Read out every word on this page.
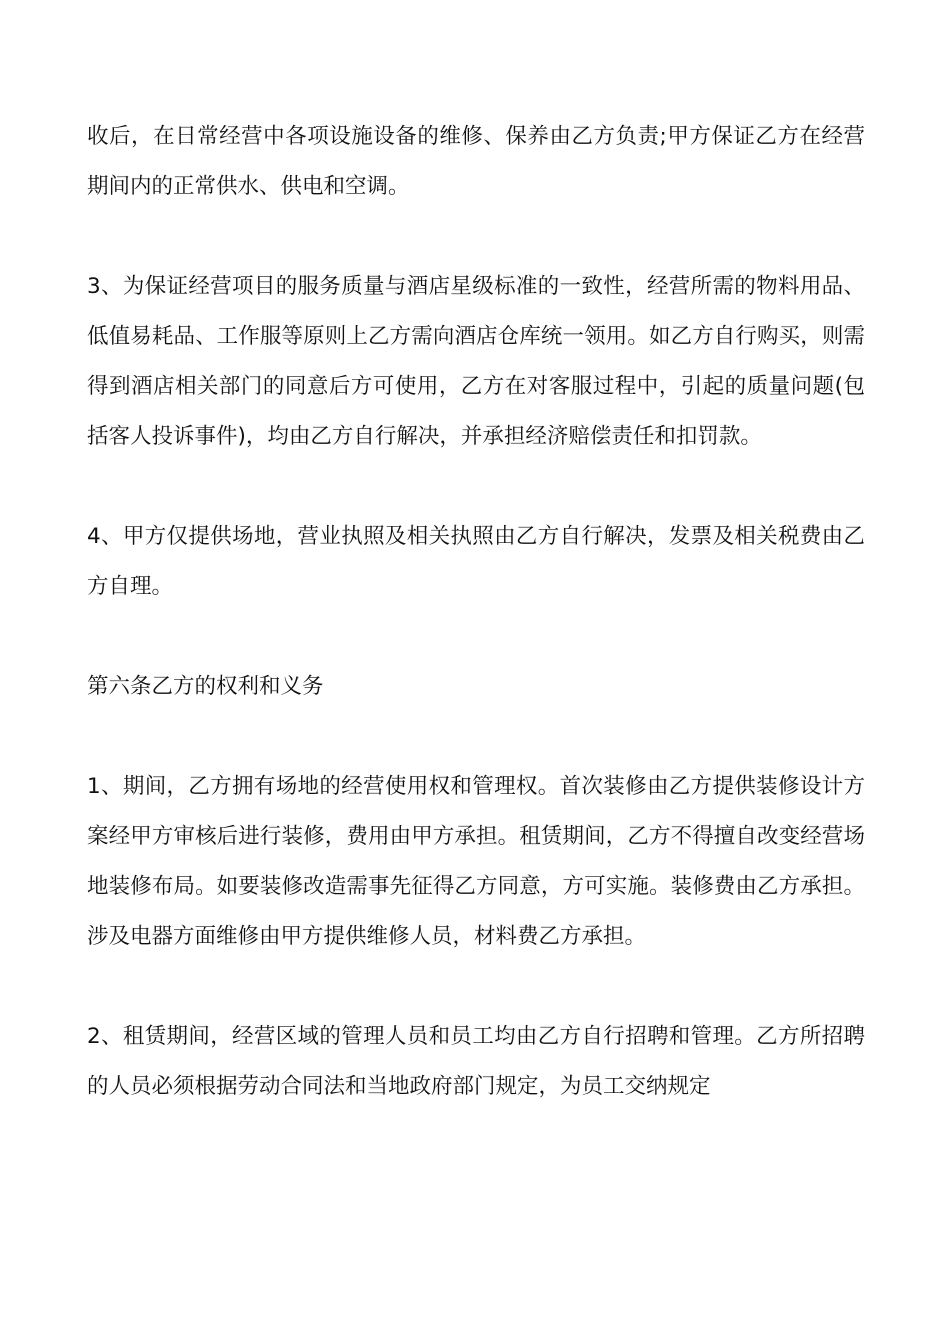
收后，在日常经营中各项设施设备的维修、保养由乙方负责;甲方保证乙方在经营期间内的正常供水、供电和空调。

3、为保证经营项目的服务质量与酒店星级标准的一致性，经营所需的物料用品、低值易耗品、工作服等原则上乙方需向酒店仓库统一领用。如乙方自行购买，则需得到酒店相关部门的同意后方可使用，乙方在对客服过程中，引起的质量问题(包括客人投诉事件)，均由乙方自行解决，并承担经济赔偿责任和扣罚款。

4、甲方仅提供场地，营业执照及相关执照由乙方自行解决，发票及相关税费由乙方自理。

第六条乙方的权利和义务

1、期间，乙方拥有场地的经营使用权和管理权。首次装修由乙方提供装修设计方案经甲方审核后进行装修，费用由甲方承担。租赁期间，乙方不得擅自改变经营场地装修布局。如要装修改造需事先征得乙方同意，方可实施。装修费由乙方承担。涉及电器方面维修由甲方提供维修人员，材料费乙方承担。

2、租赁期间，经营区域的管理人员和员工均由乙方自行招聘和管理。乙方所招聘的人员必须根据劳动合同法和当地政府部门规定，为员工交纳规定
